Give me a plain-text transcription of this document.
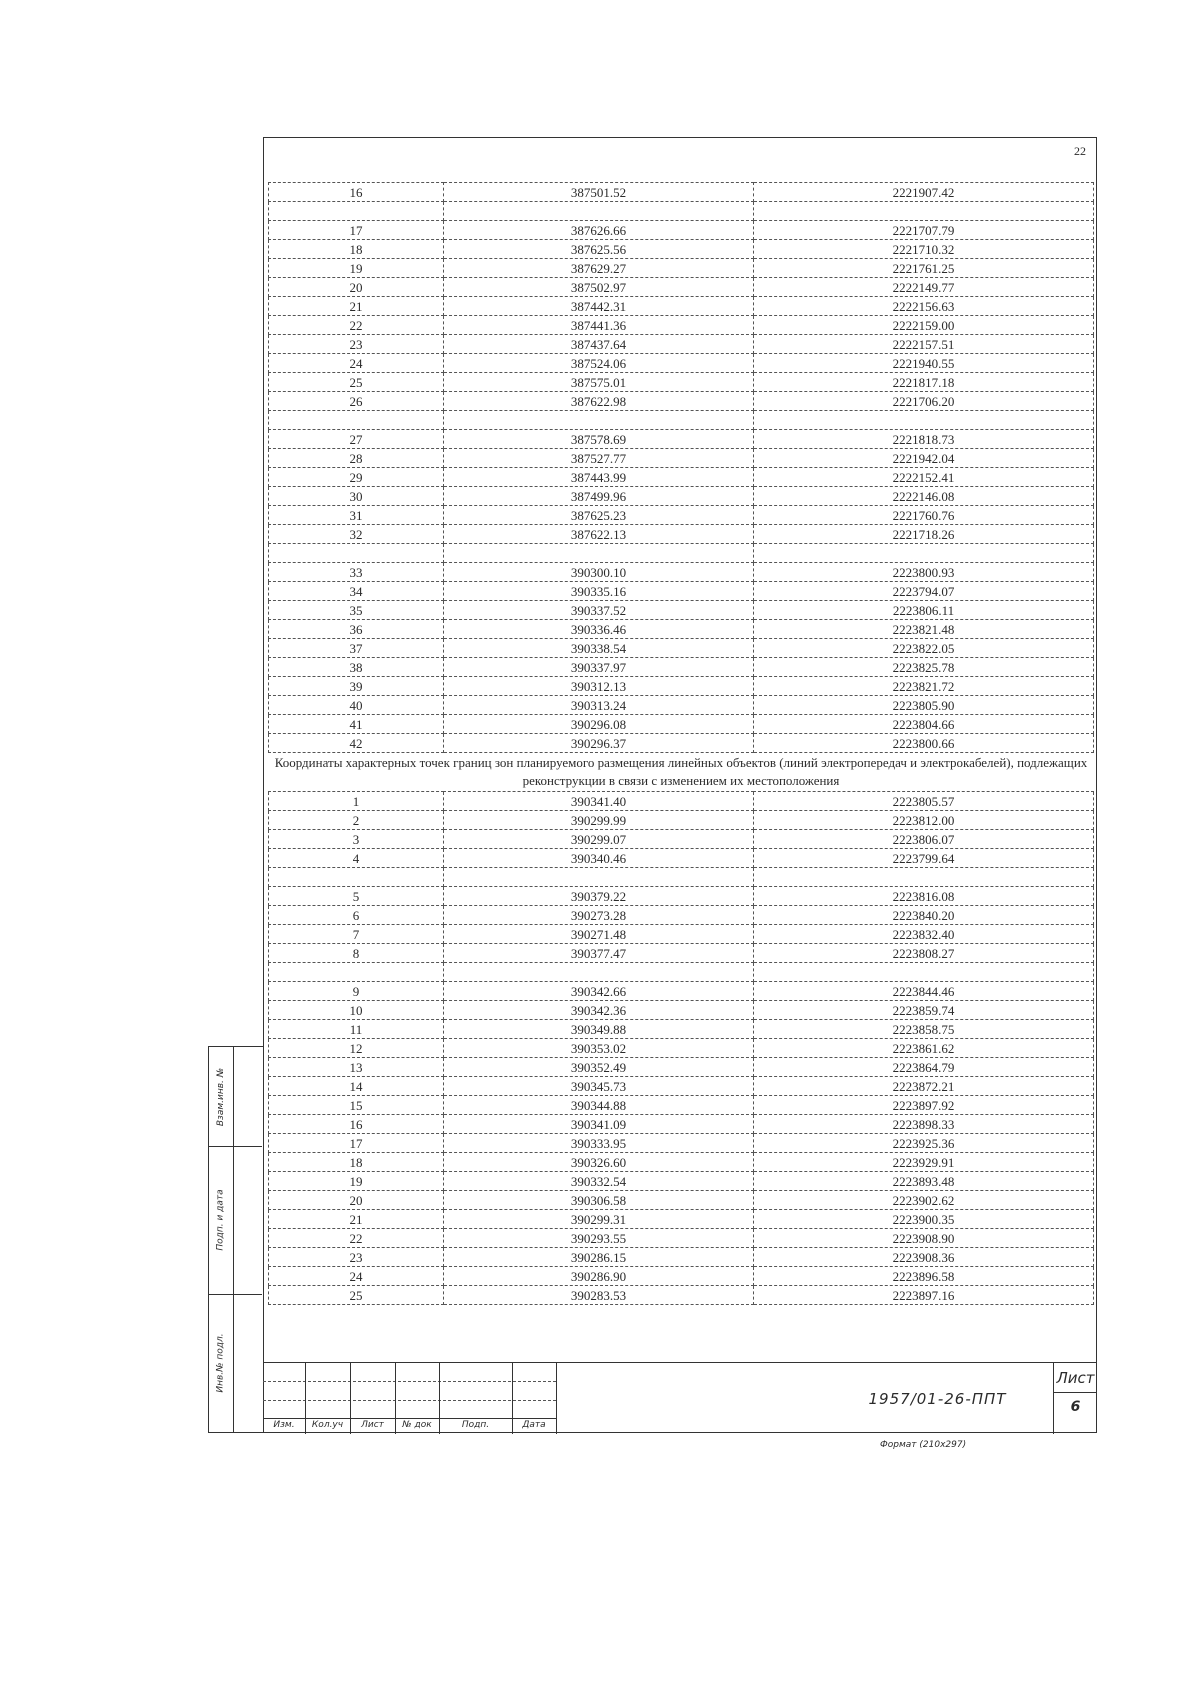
22
16	387501.52	2221907.42

17	387626.66	2221707.79
18	387625.56	2221710.32
19	387629.27	2221761.25
20	387502.97	2222149.77
21	387442.31	2222156.63
22	387441.36	2222159.00
23	387437.64	2222157.51
24	387524.06	2221940.55
25	387575.01	2221817.18
26	387622.98	2221706.20

27	387578.69	2221818.73
28	387527.77	2221942.04
29	387443.99	2222152.41
30	387499.96	2222146.08
31	387625.23	2221760.76
32	387622.13	2221718.26

33	390300.10	2223800.93
34	390335.16	2223794.07
35	390337.52	2223806.11
36	390336.46	2223821.48
37	390338.54	2223822.05
38	390337.97	2223825.78
39	390312.13	2223821.72
40	390313.24	2223805.90
41	390296.08	2223804.66
42	390296.37	2223800.66
Координаты характерных точек границ зон планируемого размещения линейных объектов (линий электропередач и электрокабелей), подлежащих реконструкции в связи с изменением их местоположения		
1	390341.40	2223805.57
2	390299.99	2223812.00
3	390299.07	2223806.07
4	390340.46	2223799.64

5	390379.22	2223816.08
6	390273.28	2223840.20
7	390271.48	2223832.40
8	390377.47	2223808.27

9	390342.66	2223844.46
10	390342.36	2223859.74
11	390349.88	2223858.75
12	390353.02	2223861.62
13	390352.49	2223864.79
14	390345.73	2223872.21
15	390344.88	2223897.92
16	390341.09	2223898.33
17	390333.95	2223925.36
18	390326.60	2223929.91
19	390332.54	2223893.48
20	390306.58	2223902.62
21	390299.31	2223900.35
22	390293.55	2223908.90
23	390286.15	2223908.36
24	390286.90	2223896.58
25	390283.53	2223897.16
Взам.инв. №
Подп. и дата
Инв.№ подл.
Изм.	Кол.уч	Лист	№ док	Подп.	Дата
1957/01-26-ППТ
Лист
6
Формат (210х297)
